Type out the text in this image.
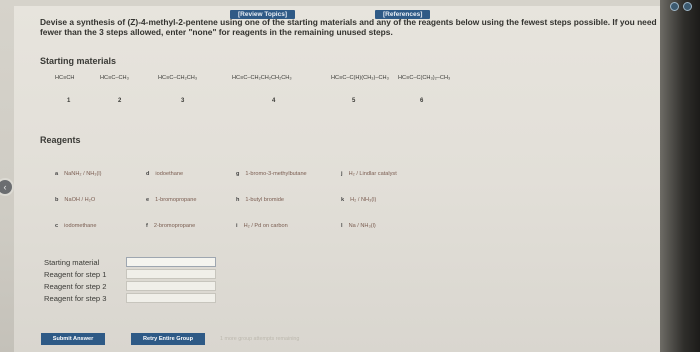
[Review Topics]	[References]
Devise a synthesis of (Z)-4-methyl-2-pentene using one of the starting materials and any of the reagents below using the fewest steps possible. If you need fewer than the 3 steps allowed, enter "none" for reagents in the remaining unused steps.
Starting materials
HC≡CH	HC≡C–CH₃	HC≡C–CH₂CH₃	HC≡C–CH₂CH₂CH₂CH₃	HC≡C–C(H)(CH₃)–CH₃ HC≡C–C(CH₃)₂–CH₃
1	2	3	4	5	6
Reagents
a NaNH₂ / NH₃(l)
b NaOH / H₂O
c iodomethane
d iodoethane
e 1-bromopropane
f 2-bromopropane
g 1-bromo-3-methylbutane
h 1-butyl bromide
i H₂ / Pd on carbon
j H₂ / Lindlar catalyst
k H₂ / NH₃(l)
l Na / NH₃(l)
Starting material
Reagent for step 1
Reagent for step 2
Reagent for step 3
Submit Answer	Retry Entire Group	1 more group attempts remaining
‹
